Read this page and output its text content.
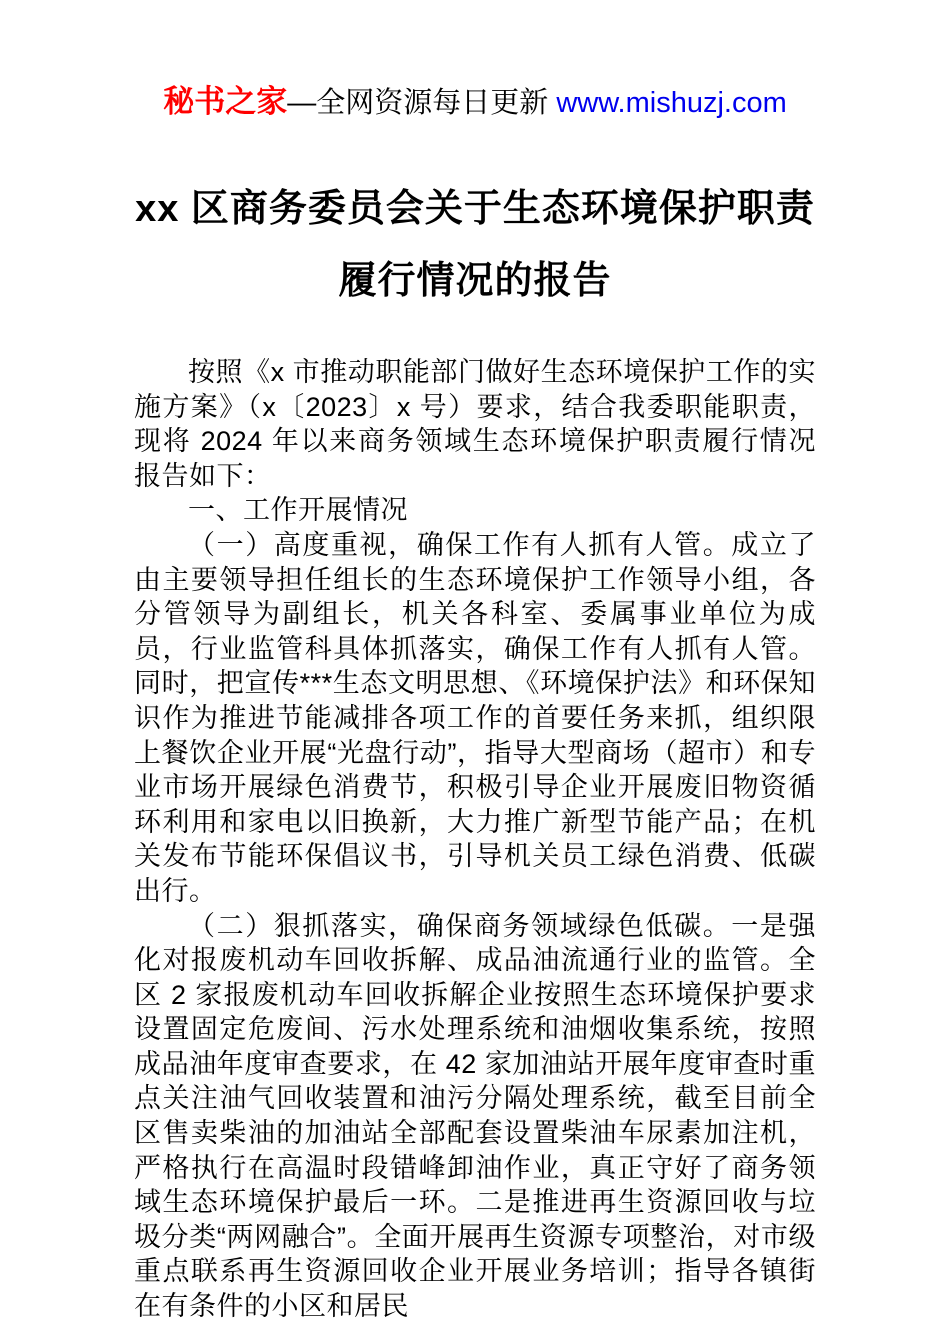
秘书之家—全网资源每日更新 www.mishuzj.com
xx 区商务委员会关于生态环境保护职责
履行情况的报告

按照《x 市推动职能部门做好生态环境保护工作的实施方案》（x〔2023〕x 号）要求，结合我委职能职责，现将 2024 年以来商务领域生态环境保护职责履行情况报告如下：

一、工作开展情况

（一）高度重视，确保工作有人抓有人管。成立了由主要领导担任组长的生态环境保护工作领导小组，各分管领导为副组长，机关各科室、委属事业单位为成员，行业监管科具体抓落实，确保工作有人抓有人管。同时，把宣传***生态文明思想、《环境保护法》和环保知识作为推进节能减排各项工作的首要任务来抓，组织限上餐饮企业开展“光盘行动”，指导大型商场（超市）和专业市场开展绿色消费节，积极引导企业开展废旧物资循环利用和家电以旧换新，大力推广新型节能产品；在机关发布节能环保倡议书，引导机关员工绿色消费、低碳出行。

（二）狠抓落实，确保商务领域绿色低碳。一是强化对报废机动车回收拆解、成品油流通行业的监管。全区 2 家报废机动车回收拆解企业按照生态环境保护要求设置固定危废间、污水处理系统和油烟收集系统，按照成品油年度审查要求，在 42 家加油站开展年度审查时重点关注油气回收装置和油污分隔处理系统，截至目前全区售卖柴油的加油站全部配套设置柴油车尿素加注机，严格执行在高温时段错峰卸油作业，真正守好了商务领域生态环境保护最后一环。二是推进再生资源回收与垃圾分类“两网融合”。全面开展再生资源专项整治，对市级重点联系再生资源回收企业开展业务培训；指导各镇街在有条件的小区和居民
